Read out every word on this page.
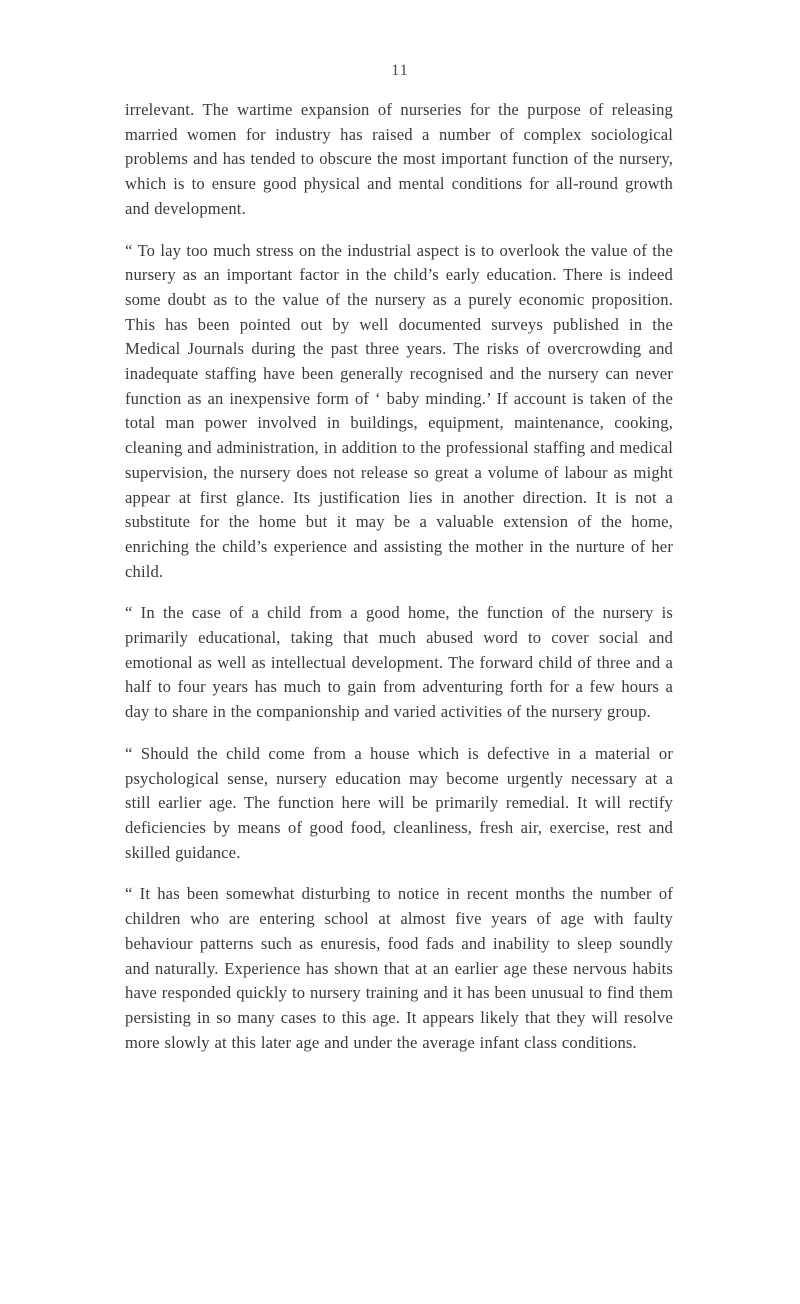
11

irrelevant. The wartime expansion of nurseries for the purpose of releasing married women for industry has raised a number of complex sociological problems and has tended to obscure the most important function of the nursery, which is to ensure good physical and mental conditions for all-round growth and development.

“ To lay too much stress on the industrial aspect is to overlook the value of the nursery as an important factor in the child’s early education. There is indeed some doubt as to the value of the nursery as a purely economic proposition. This has been pointed out by well documented surveys published in the Medical Journals during the past three years. The risks of overcrowding and inadequate staffing have been generally recognised and the nursery can never function as an inexpensive form of ‘ baby minding.’ If account is taken of the total man power involved in buildings, equipment, maintenance, cooking, cleaning and administration, in addition to the professional staffing and medical supervision, the nursery does not release so great a volume of labour as might appear at first glance. Its justification lies in another direction. It is not a substitute for the home but it may be a valuable extension of the home, enriching the child’s experience and assisting the mother in the nurture of her child.

“ In the case of a child from a good home, the function of the nursery is primarily educational, taking that much abused word to cover social and emotional as well as intellectual development. The forward child of three and a half to four years has much to gain from adventuring forth for a few hours a day to share in the companionship and varied activities of the nursery group.

“ Should the child come from a house which is defective in a material or psychological sense, nursery education may become urgently necessary at a still earlier age. The function here will be primarily remedial. It will rectify deficiencies by means of good food, cleanliness, fresh air, exercise, rest and skilled guidance.

“ It has been somewhat disturbing to notice in recent months the number of children who are entering school at almost five years of age with faulty behaviour patterns such as enuresis, food fads and inability to sleep soundly and naturally. Experience has shown that at an earlier age these nervous habits have responded quickly to nursery training and it has been unusual to find them persisting in so many cases to this age. It appears likely that they will resolve more slowly at this later age and under the average infant class conditions.
